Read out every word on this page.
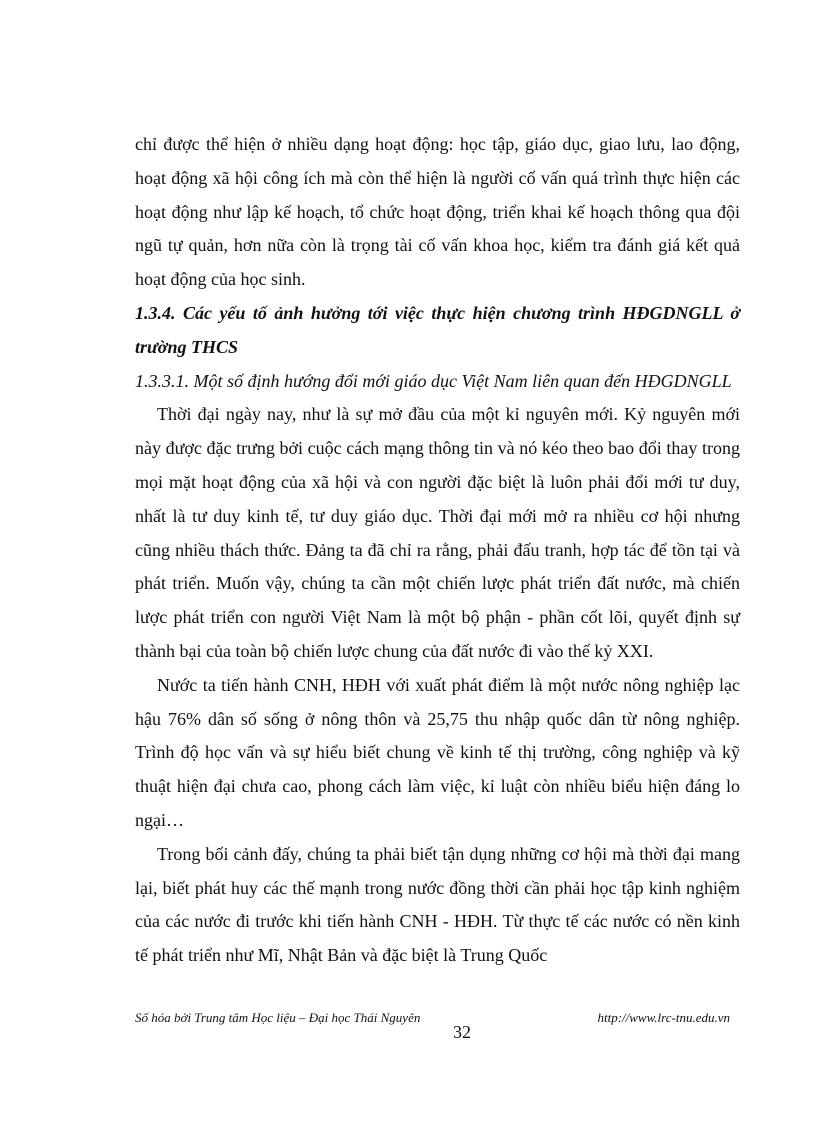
chỉ được thể hiện ở nhiều dạng hoạt động: học tập, giáo dục, giao lưu, lao động, hoạt động xã hội công ích mà còn thể hiện là người cố vấn quá trình thực hiện các hoạt động như lập kế hoạch, tổ chức hoạt động, triển khai kế hoạch thông qua đội ngũ tự quản, hơn nữa còn là trọng tài cố vấn khoa học, kiểm tra đánh giá kết quả hoạt động của học sinh.

1.3.4. Các yếu tố ảnh hưởng tới việc thực hiện chương trình HĐGDNGLL ở trường THCS

1.3.3.1. Một số định hướng đổi mới giáo dục Việt Nam liên quan đến HĐGDNGLL

Thời đại ngày nay, như là sự mở đầu của một kỉ nguyên mới. Kỷ nguyên mới này được đặc trưng bởi cuộc cách mạng thông tin và nó kéo theo bao đổi thay trong mọi mặt hoạt động của xã hội và con người đặc biệt là luôn phải đổi mới tư duy, nhất là tư duy kinh tế, tư duy giáo dục. Thời đại mới mở ra nhiều cơ hội nhưng cũng nhiều thách thức. Đảng ta đã chỉ ra rằng, phải đấu tranh, hợp tác để tồn tại và phát triển. Muốn vậy, chúng ta cần một chiến lược phát triển đất nước, mà chiến lược phát triển con người Việt Nam là một bộ phận - phần cốt lõi, quyết định sự thành bại của toàn bộ chiến lược chung của đất nước đi vào thế kỷ XXI.

Nước ta tiến hành CNH, HĐH với xuất phát điểm là một nước nông nghiệp lạc hậu 76% dân số sống ở nông thôn và 25,75 thu nhập quốc dân từ nông nghiệp. Trình độ học vấn và sự hiểu biết chung về kinh tế thị trường, công nghiệp và kỹ thuật hiện đại chưa cao, phong cách làm việc, kỉ luật còn nhiều biểu hiện đáng lo ngại…

Trong bối cảnh đấy, chúng ta phải biết tận dụng những cơ hội mà thời đại mang lại, biết phát huy các thế mạnh trong nước đồng thời cần phải học tập kinh nghiệm của các nước đi trước khi tiến hành CNH - HĐH. Từ thực tế các nước có nền kinh tế phát triển như Mĩ, Nhật Bản và đặc biệt là Trung Quốc

Số hóa bởi Trung tâm Học liệu – Đại học Thái Nguyên
32
http://www.lrc-tnu.edu.vn
